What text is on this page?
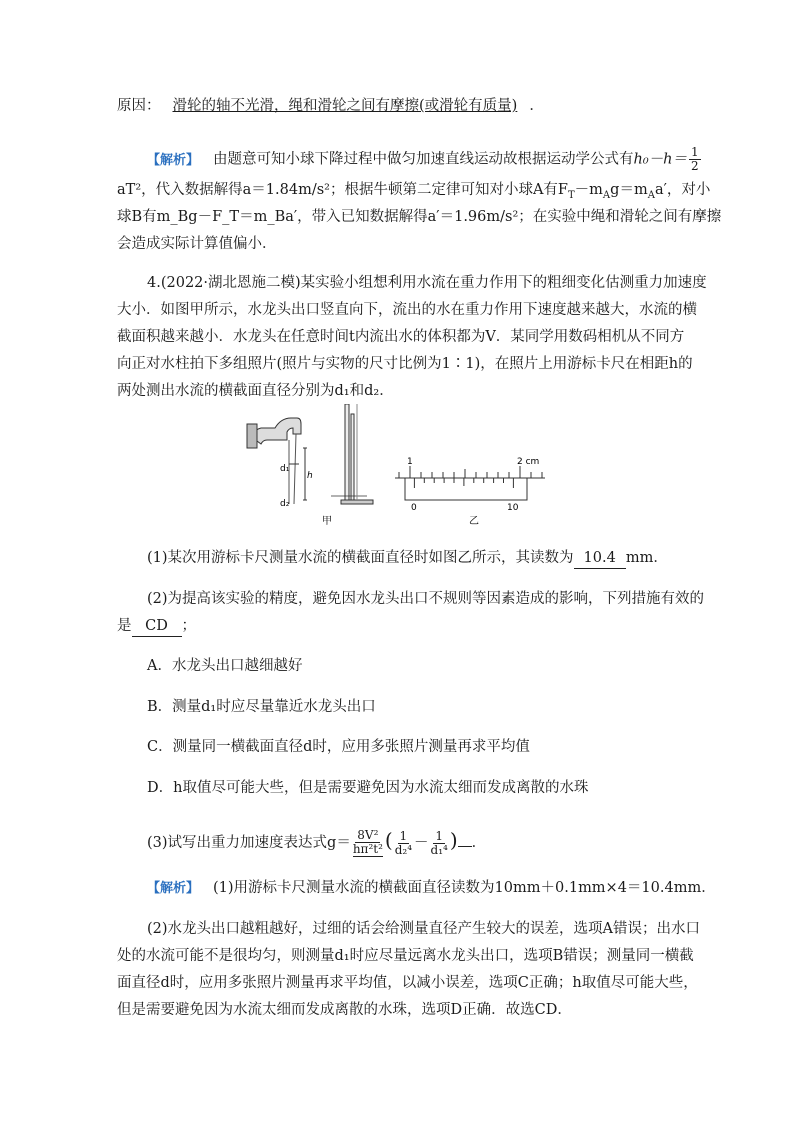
原因： 滑轮的轴不光滑，绳和滑轮之间有摩擦(或滑轮有质量) ．
【解析】 由题意可知小球下降过程中做匀加速直线运动故根据运动学公式有$h_0-h= \frac{1}{2}$
aT²，代入数据解得a＝1.84m/s²；根据牛顿第二定律可知对小球A有$F_T-m_Ag=m_Aa'$，对小
球B有m_Bg－F_T＝m_Ba′，带入已知数据解得a′＝1.96m/s²；在实验中绳和滑轮之间有摩擦
会造成实际计算值偏小．
4.(2022·湖北恩施二模)某实验小组想利用水流在重力作用下的粗细变化估测重力加速度
大小．如图甲所示，水龙头出口竖直向下，流出的水在重力作用下速度越来越大，水流的横
截面积越来越小．水龙头在任意时间t内流出水的体积都为V．某同学用数码相机从不同方
向正对水柱拍下多组照片(照片与实物的尺寸比例为1∶1)，在照片上用游标卡尺在相距h的
两处测出水流的横截面直径分别为d₁和d₂．
d₁
h
d₂
甲
1	2 cm
0	10
乙
(1)某次用游标卡尺测量水流的横截面直径时如图乙所示，其读数为 10.4 mm．
(2)为提高该实验的精度，避免因水龙头出口不规则等因素造成的影响，下列措施有效的
是 CD ；
A．水龙头出口越细越好
B．测量d₁时应尽量靠近水龙头出口
C．测量同一横截面直径d时，应用多张照片测量再求平均值
D．h取值尽可能大些，但是需要避免因为水流太细而发成离散的水珠
(3)试写出重力加速度表达式$g= \frac{\text{8V²}}{\text{hπ²t²}}$ ( $\frac{1}{\text{d₂⁴}} - \frac{1}{\text{d₁⁴}}$ ) ．
【解析】 (1)用游标卡尺测量水流的横截面直径读数为10mm＋0.1mm×4＝10.4mm．
(2)水龙头出口越粗越好，过细的话会给测量直径产生较大的误差，选项A错误；出水口
处的水流可能不是很均匀，则测量d₁时应尽量远离水龙头出口，选项B错误；测量同一横截
面直径d时，应用多张照片测量再求平均值，以减小误差，选项C正确；h取值尽可能大些，
但是需要避免因为水流太细而发成离散的水珠，选项D正确．故选CD．
